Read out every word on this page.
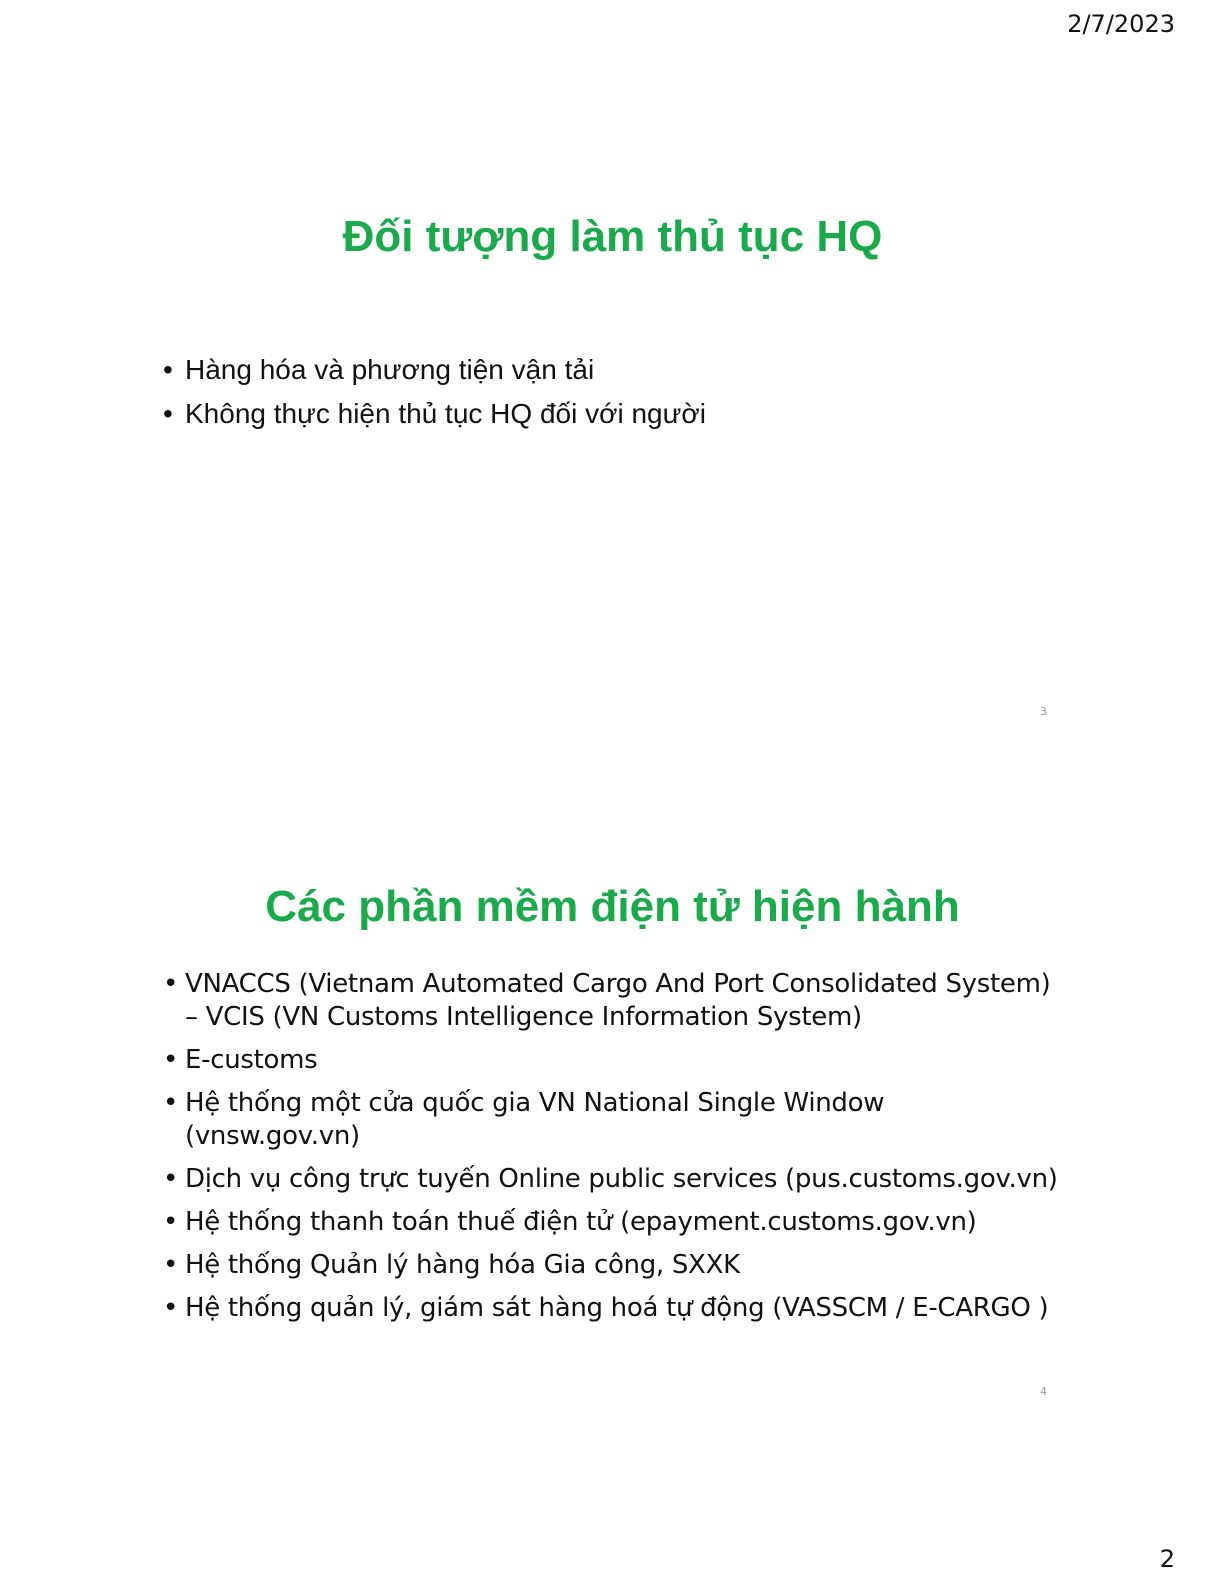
2/7/2023
Đối tượng làm thủ tục HQ
• Hàng hóa và phương tiện vận tải
• Không thực hiện thủ tục HQ đối với người
3
Các phần mềm điện tử hiện hành
• VNACCS (Vietnam Automated Cargo And Port Consolidated System) – VCIS (VN Customs Intelligence Information System)
• E-customs
• Hệ thống một cửa quốc gia VN National Single Window (vnsw.gov.vn)
• Dịch vụ công trực tuyến Online public services (pus.customs.gov.vn)
• Hệ thống thanh toán thuế điện tử (epayment.customs.gov.vn)
• Hệ thống Quản lý hàng hóa Gia công, SXXK
• Hệ thống quản lý, giám sát hàng hoá tự động (VASSCM / E-CARGO )
4
2
